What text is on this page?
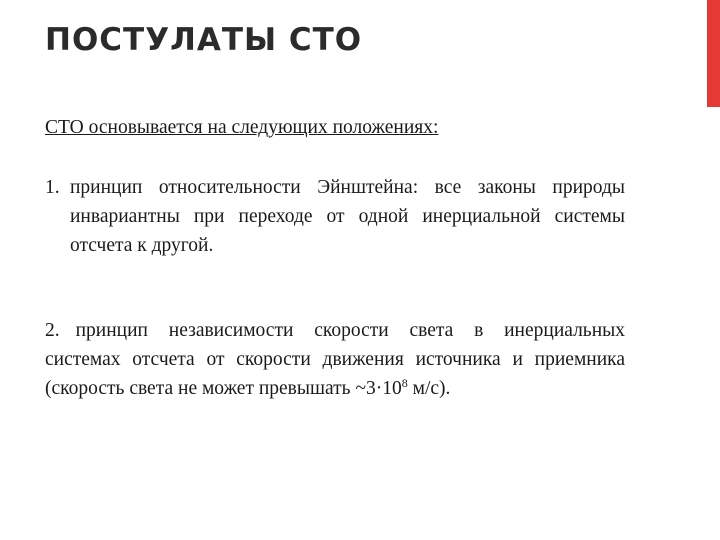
ПОСТУЛАТЫ СТО

СТО основывается на следующих положениях:

1. принцип относительности Эйнштейна: все законы природы инвариантны при переходе от одной инерциальной системы отсчета к другой.

2. принцип независимости скорости света в инерциальных системах отсчета от скорости движения источника и приемника (скорость света не может превышать $\sim 3\cdot 10^8$ м/с).
